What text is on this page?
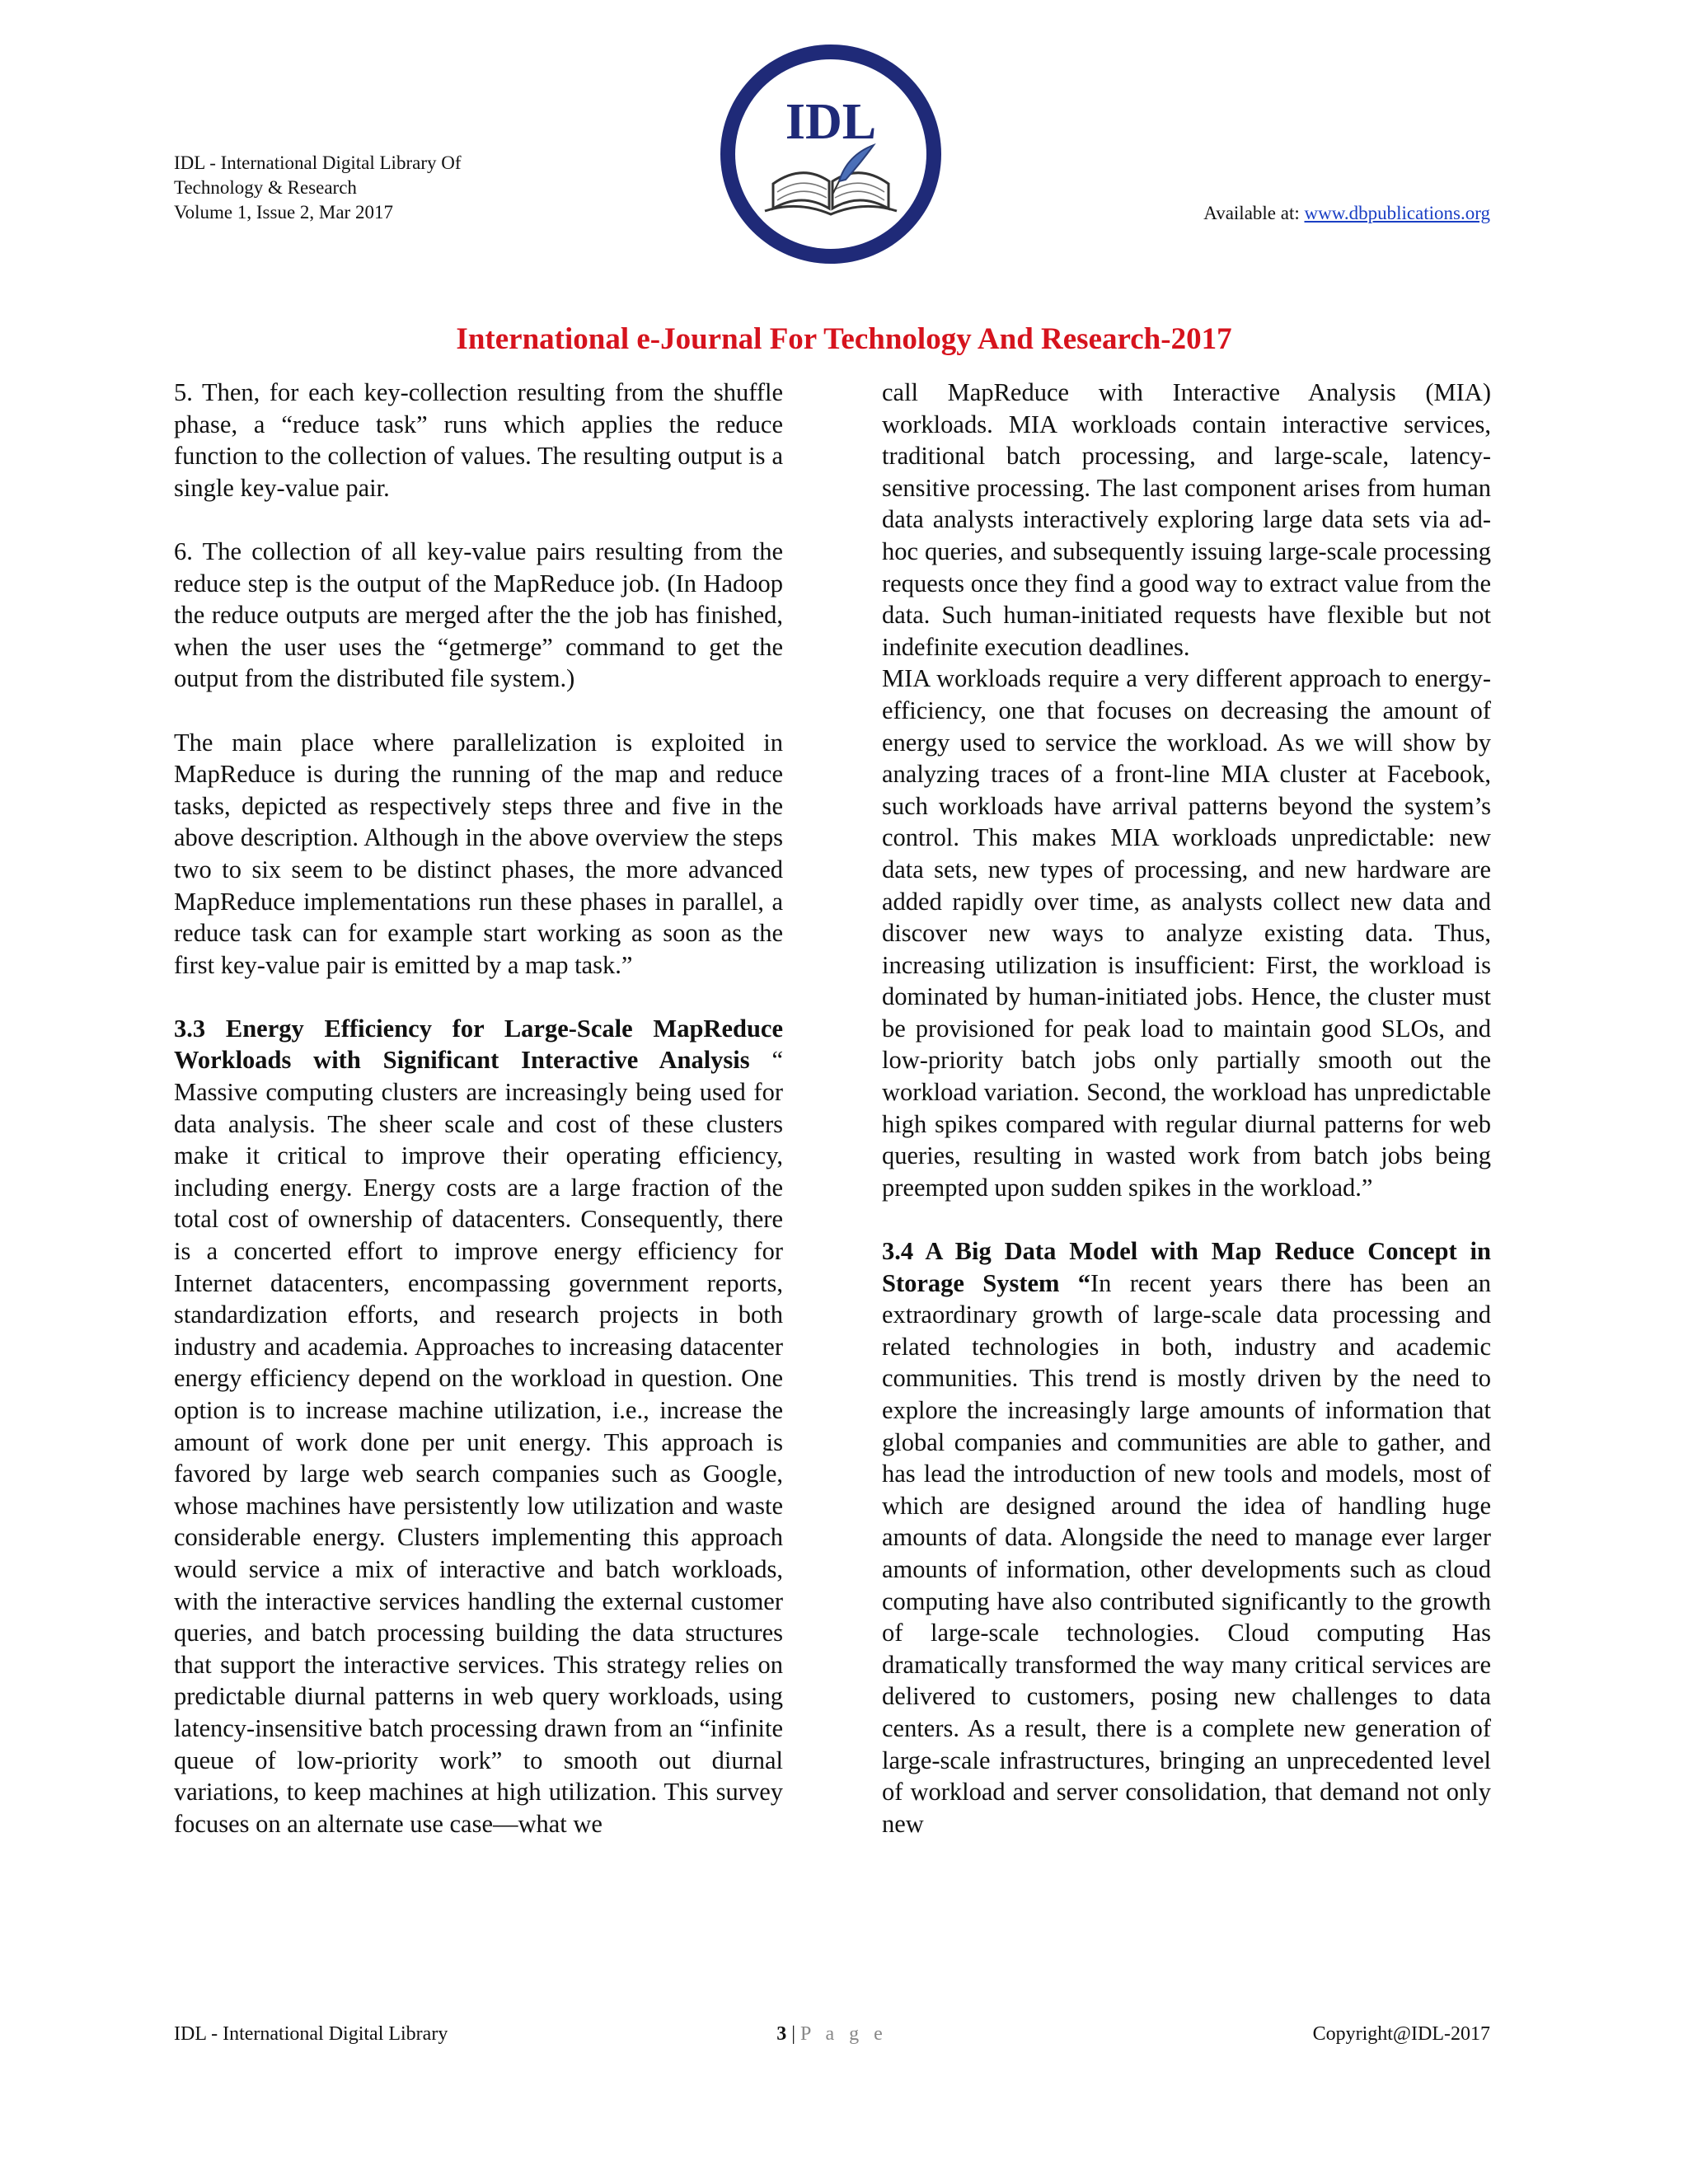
IDL - International Digital Library Of
Technology & Research
Volume 1, Issue 2, Mar 2017
IDL
Available at: www.dbpublications.org
International e-Journal For Technology And Research-2017

5. Then, for each key-collection resulting from the shuffle phase, a “reduce task” runs which applies the reduce function to the collection of values. The resulting output is a single key-value pair.

6. The collection of all key-value pairs resulting from the reduce step is the output of the MapReduce job. (In Hadoop the reduce outputs are merged after the the job has finished, when the user uses the “getmerge” command to get the output from the distributed file system.)

The main place where parallelization is exploited in MapReduce is during the running of the map and reduce tasks, depicted as respectively steps three and five in the above description. Although in the above overview the steps two to six seem to be distinct phases, the more advanced MapReduce implementations run these phases in parallel, a reduce task can for example start working as soon as the first key-value pair is emitted by a map task.”

3.3 Energy Efficiency for Large-Scale MapReduce Workloads with Significant Interactive Analysis “ Massive computing clusters are increasingly being used for data analysis. The sheer scale and cost of these clusters make it critical to improve their operating efficiency, including energy. Energy costs are a large fraction of the total cost of ownership of datacenters. Consequently, there is a concerted effort to improve energy efficiency for Internet datacenters, encompassing government reports, standardization efforts, and research projects in both industry and academia. Approaches to increasing datacenter energy efficiency depend on the workload in question. One option is to increase machine utilization, i.e., increase the amount of work done per unit energy. This approach is favored by large web search companies such as Google, whose machines have persistently low utilization and waste considerable energy. Clusters implementing this approach would service a mix of interactive and batch workloads, with the interactive services handling the external customer queries, and batch processing building the data structures that support the interactive services. This strategy relies on predictable diurnal patterns in web query workloads, using latency-insensitive batch processing drawn from an “infinite queue of low-priority work” to smooth out diurnal variations, to keep machines at high utilization. This survey focuses on an alternate use case—what we

call MapReduce with Interactive Analysis (MIA) workloads. MIA workloads contain interactive services, traditional batch processing, and large-scale, latency-sensitive processing. The last component arises from human data analysts interactively exploring large data sets via ad-hoc queries, and subsequently issuing large-scale processing requests once they find a good way to extract value from the data. Such human-initiated requests have flexible but not indefinite execution deadlines.

MIA workloads require a very different approach to energy-efficiency, one that focuses on decreasing the amount of energy used to service the workload. As we will show by analyzing traces of a front-line MIA cluster at Facebook, such workloads have arrival patterns beyond the system’s control. This makes MIA workloads unpredictable: new data sets, new types of processing, and new hardware are added rapidly over time, as analysts collect new data and discover new ways to analyze existing data. Thus, increasing utilization is insufficient: First, the workload is dominated by human-initiated jobs. Hence, the cluster must be provisioned for peak load to maintain good SLOs, and low-priority batch jobs only partially smooth out the workload variation. Second, the workload has unpredictable high spikes compared with regular diurnal patterns for web queries, resulting in wasted work from batch jobs being preempted upon sudden spikes in the workload.”

3.4 A Big Data Model with Map Reduce Concept in Storage System “In recent years there has been an extraordinary growth of large-scale data processing and related technologies in both, industry and academic communities. This trend is mostly driven by the need to explore the increasingly large amounts of information that global companies and communities are able to gather, and has lead the introduction of new tools and models, most of which are designed around the idea of handling huge amounts of data. Alongside the need to manage ever larger amounts of information, other developments such as cloud computing have also contributed significantly to the growth of large-scale technologies. Cloud computing Has dramatically transformed the way many critical services are delivered to customers, posing new challenges to data centers. As a result, there is a complete new generation of large-scale infrastructures, bringing an unprecedented level of workload and server consolidation, that demand not only new

IDL - International Digital Library	3 | P a g e	Copyright@IDL-2017
